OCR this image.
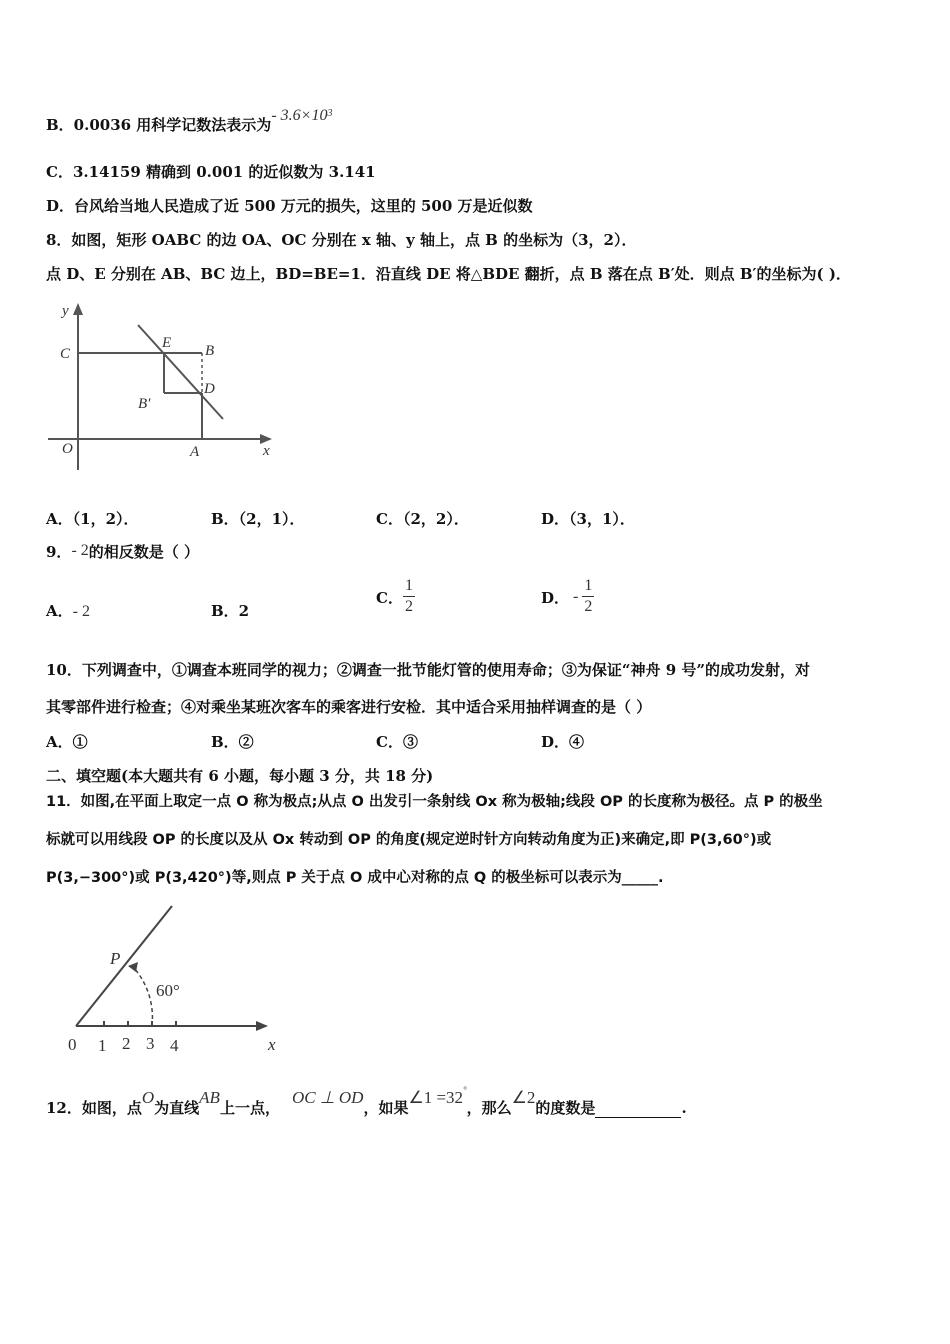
B．0.0036 用科学记数法表示为- $3.6\times 10^3$
C．3.14159 精确到 0.001 的近似数为 3.141
D．台风给当地人民造成了近 500 万元的损失，这里的 500 万是近似数
8．如图，矩形 OABC 的边 OA、OC 分别在 x 轴、y 轴上，点 B 的坐标为（3，2）．
点 D、E 分别在 AB、BC 边上，BD=BE=1．沿直线 DE 将△BDE 翻折，点 B 落在点 B′处．则点 B′的坐标为( )．
y
C
E B
D
B′
O	A	x
A．（1，2）．	B．（2，1）．	C．（2，2）．	D．（3，1）．
9．- 2的相反数是（ ）
A．- 2	B．2
C． $\frac{1}{2}$	D． - $\frac{1}{2}$
10．下列调查中，①调查本班同学的视力；②调查一批节能灯管的使用寿命；③为保证“神舟 9 号”的成功发射，对
其零部件进行检查；④对乘坐某班次客车的乘客进行安检．其中适合采用抽样调查的是（ ）
A．①	B．②	C．③	D．④
二、填空题(本大题共有 6 小题，每小题 3 分，共 18 分)
11．如图,在平面上取定一点 O 称为极点;从点 O 出发引一条射线 Ox 称为极轴;线段 OP 的长度称为极径。点 P 的极坐
标就可以用线段 OP 的长度以及从 Ox 转动到 OP 的角度(规定逆时针方向转动角度为正)来确定,即 P(3,60°)或
P(3,−300°)或 P(3,420°)等,则点 P 关于点 O 成中心对称的点 Q 的极坐标可以表示为_____.
P
60°
x
0 1 2 3 4
12．如图，点O为直线AB上一点，OC ⊥ OD，如果∠1 =32°，那么∠2的度数是	.
